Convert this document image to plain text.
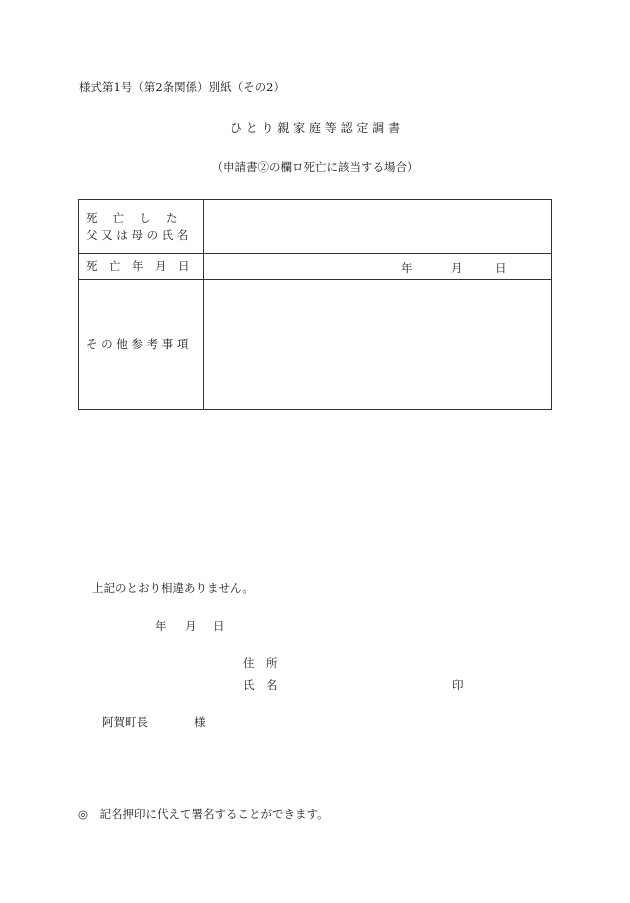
様式第1号（第2条関係）別紙（その2）
ひ と り 親 家 庭 等 認 定 調 書
（申請書②の欄ロ死亡に該当する場合）
死　 亡　 し　 た
父 又 は 母 の 氏 名	

死　亡　年　月　日	年 月 日

そ の 他 参 考 事 項	
上記のとおり相違ありません。
年 月 日
住　所
氏　名	印
阿賀町長　　　　様
◎　記名押印に代えて署名することができます。
